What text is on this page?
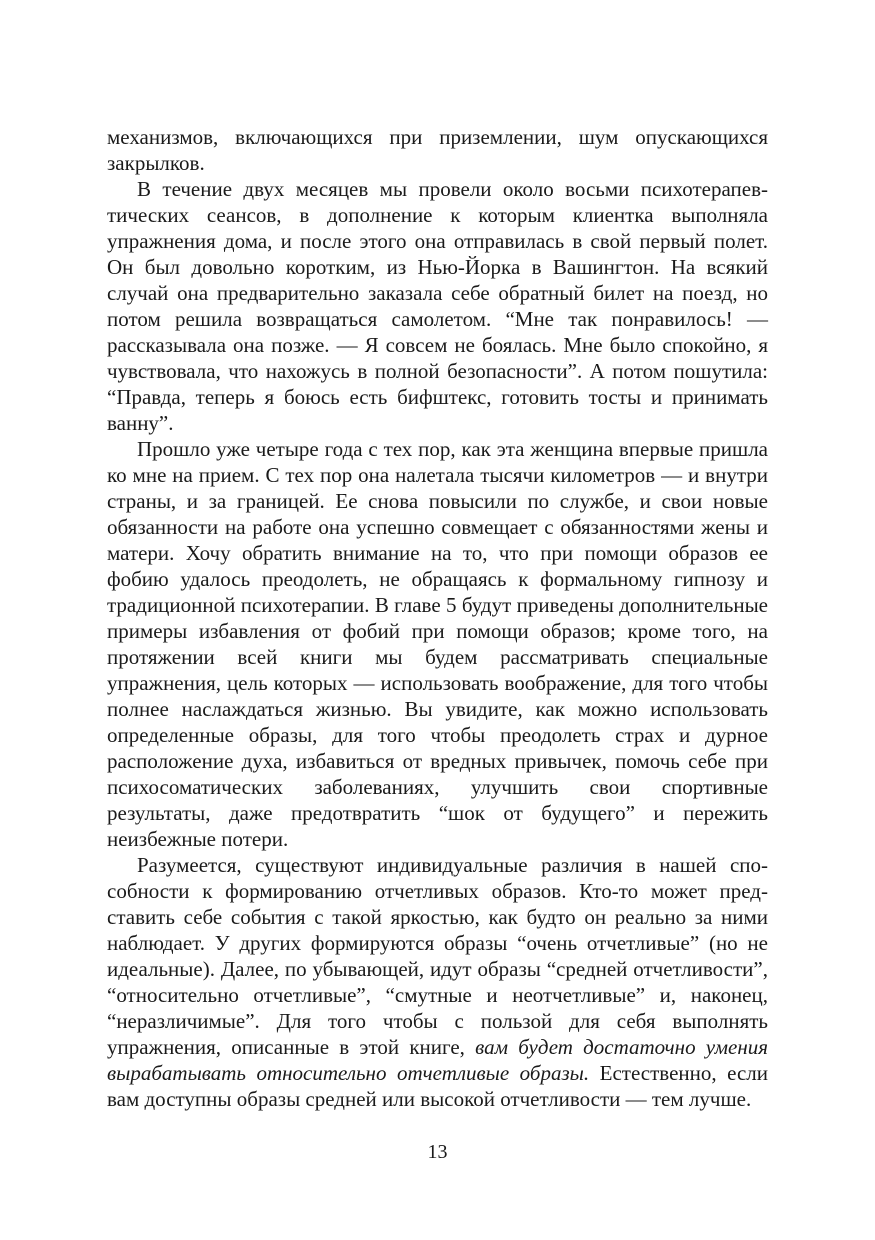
механизмов, включающихся при приземлении, шум опускающихся закрылков.

В течение двух месяцев мы провели около восьми психотерапевтических сеансов, в дополнение к которым клиентка выполняла упражнения дома, и после этого она отправилась в свой первый полет. Он был довольно коротким, из Нью-Йорка в Вашингтон. На всякий случай она предварительно заказала себе обратный билет на поезд, но потом решила возвращаться самолетом. “Мне так понравилось! — рассказывала она позже. — Я совсем не боялась. Мне было спокойно, я чувствовала, что нахожусь в полной безопасности”. А потом пошутила: “Правда, теперь я боюсь есть бифштекс, готовить тосты и принимать ванну”.

Прошло уже четыре года с тех пор, как эта женщина впервые пришла ко мне на прием. С тех пор она налетала тысячи километров — и внутри страны, и за границей. Ее снова повысили по службе, и свои новые обязанности на работе она успешно совмещает с обязанностями жены и матери. Хочу обратить внимание на то, что при помощи образов ее фобию удалось преодолеть, не обращаясь к формальному гипнозу и традиционной психотерапии. В главе 5 будут приведены дополнительные примеры избавления от фобий при помощи образов; кроме того, на протяжении всей книги мы будем рассматривать специальные упражнения, цель которых — использовать воображение, для того чтобы полнее наслаждаться жизнью. Вы увидите, как можно использовать определенные образы, для того чтобы преодолеть страх и дурное расположение духа, избавиться от вредных привычек, помочь себе при психосоматических заболеваниях, улучшить свои спортивные результаты, даже предотвратить “шок от будущего” и пережить неизбежные потери.

Разумеется, существуют индивидуальные различия в нашей способности к формированию отчетливых образов. Кто-то может представить себе события с такой яркостью, как будто он реально за ними наблюдает. У других формируются образы “очень отчетливые” (но не идеальные). Далее, по убывающей, идут образы “средней отчетливости”, “относительно отчетливые”, “смутные и неотчетливые” и, наконец, “неразличимые”. Для того чтобы с пользой для себя выполнять упражнения, описанные в этой книге, вам будет достаточно умения вырабатывать относительно отчетливые образы. Естественно, если вам доступны образы средней или высокой отчетливости — тем лучше.

13
